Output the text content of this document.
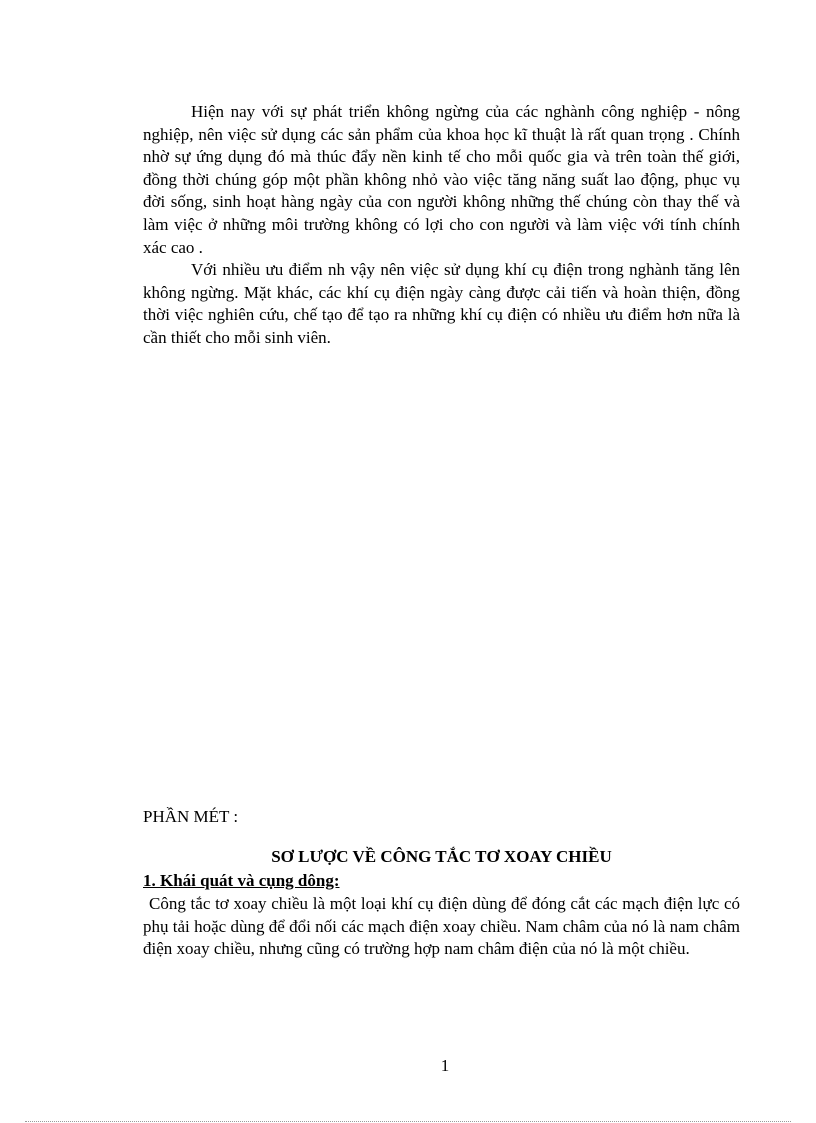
Hiện nay với sự phát triển không ngừng của các nghành công nghiệp - nông nghiệp, nên việc sử dụng các sản phẩm của khoa học kĩ thuật là rất quan trọng . Chính nhờ sự ứng dụng đó mà thúc đẩy nền kinh tế cho mỗi quốc gia và trên toàn thế giới, đồng thời chúng góp một phần không nhỏ vào việc tăng năng suất lao động, phục vụ đời sống, sinh hoạt hàng ngày của con người không những thế chúng còn thay thế và làm việc ở những môi trường không có lợi cho con người và làm việc với tính chính xác cao .

Với nhiều ưu điểm nh vậy nên việc sử dụng khí cụ điện trong nghành tăng lên không ngừng. Mặt khác, các khí cụ điện ngày càng được cải tiến và hoàn thiện, đồng thời việc nghiên cứu, chế tạo để tạo ra những khí cụ điện có nhiều ưu điểm hơn nữa là cần thiết cho mỗi sinh viên.

PHẦN MÉT :
SƠ LƯỢC VỀ CÔNG TẮC TƠ XOAY CHIỀU
1. Khái quát và cụng dông:

Công tắc tơ xoay chiều là một loại khí cụ điện dùng để đóng cắt các mạch điện lực có phụ tải hoặc dùng để đổi nối các mạch điện xoay chiều. Nam châm của nó là nam châm điện xoay chiều, nhưng cũng có trường hợp nam châm điện của nó là một chiều.

1
